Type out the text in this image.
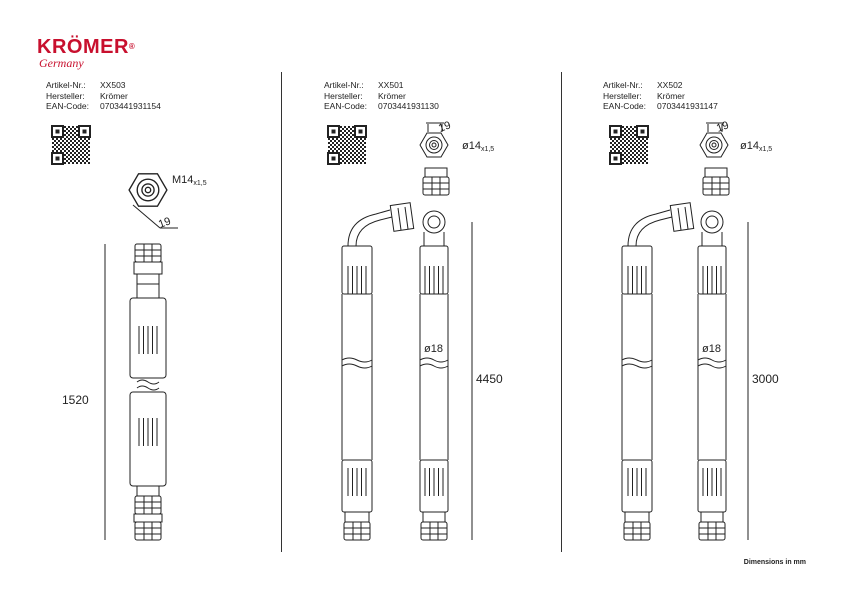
KRÖMER®
Germany
Artikel-Nr.:	XX503
Hersteller:	Krömer
EAN-Code:	0703441931154
Artikel-Nr.:	XX501
Hersteller:	Krömer
EAN-Code:	0703441931130
Artikel-Nr.:	XX502
Hersteller:	Krömer
EAN-Code:	0703441931147
M14x1,5
19
1520
ø14x1,5
19
ø18
4450
ø14x1,5
19
ø18
3000
Dimensions in mm
